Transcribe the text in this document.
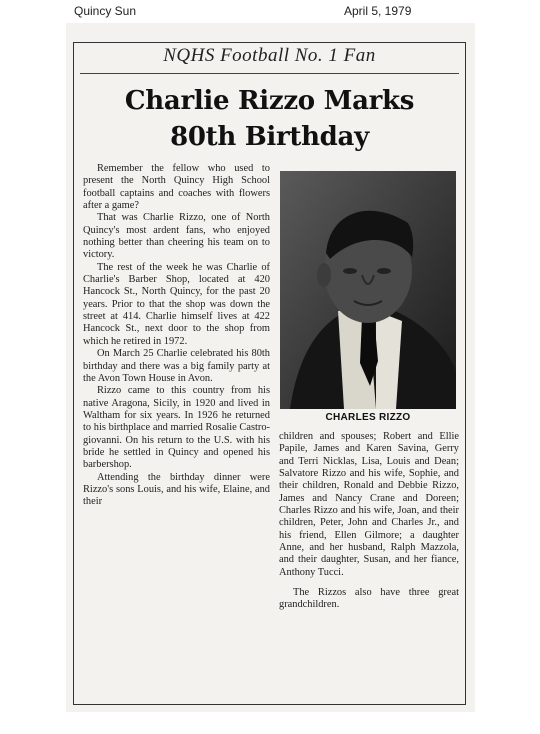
Quincy Sun	April 5, 1979
NQHS Football No. 1 Fan
Charlie Rizzo Marks
80th Birthday

Remember the fellow who used to present the North Quincy High School football captains and coaches with flowers after a game?

That was Charlie Rizzo, one of North Quincy's most ardent fans, who enjoyed nothing better than cheering his team on to victory.

The rest of the week he was Charlie of Charlie's Barber Shop, located at 420 Hancock St., North Quincy, for the past 20 years. Prior to that the shop was down the street at 414. Charlie himself lives at 422 Hancock St., next door to the shop from which he retired in 1972.

On March 25 Charlie celebrated his 80th birthday and there was a big family party at the Avon Town House in Avon.

Rizzo came to this country from his native Aragona, Sicily, in 1920 and lived in Waltham for six years. In 1926 he returned to his birthplace and married Rosalie Castro-giovanni. On his return to the U.S. with his bride he settled in Quincy and opened his barbershop.

Attending the birthday dinner were Rizzo's sons Louis, and his wife, Elaine, and their

CHARLES RIZZO

children and spouses; Robert and Ellie Papile, James and Karen Savina, Gerry and Terri Nicklas, Lisa, Louis and Dean; Salvatore Rizzo and his wife, Sophie, and their children, Ronald and Debbie Rizzo, James and Nancy Crane and Doreen; Charles Rizzo and his wife, Joan, and their children, Peter, John and Charles Jr., and his friend, Ellen Gilmore; a daughter Anne, and her husband, Ralph Mazzola, and their daughter, Susan, and her fiance, Anthony Tucci.

The Rizzos also have three great grandchildren.
